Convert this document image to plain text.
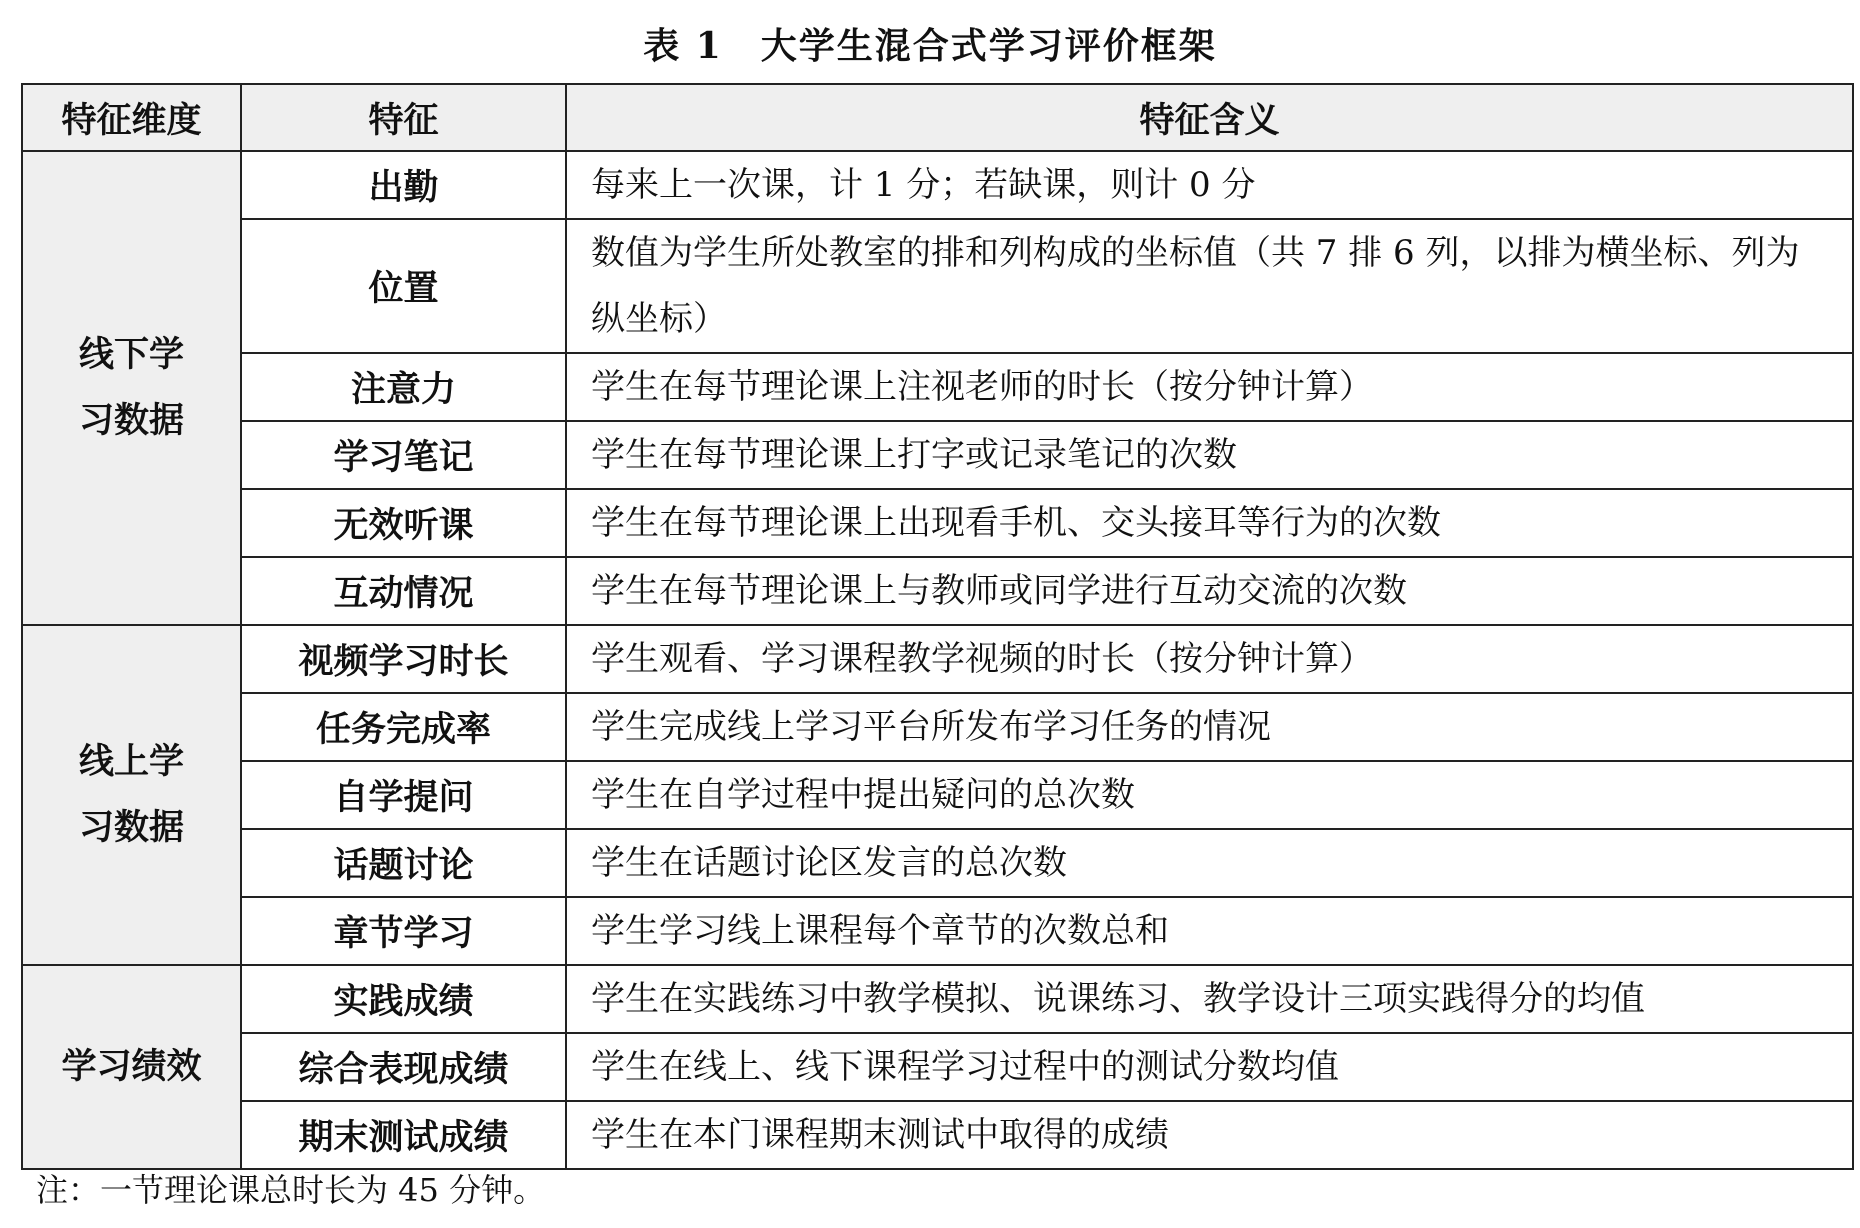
表 1　大学生混合式学习评价框架
特征维度	特征	特征含义
线下学习数据	出勤	每来上一次课，计 1 分；若缺课，则计 0 分
	位置	数值为学生所处教室的排和列构成的坐标值（共 7 排 6 列，以排为横坐标、列为纵坐标）
	注意力	学生在每节理论课上注视老师的时长（按分钟计算）
	学习笔记	学生在每节理论课上打字或记录笔记的次数
	无效听课	学生在每节理论课上出现看手机、交头接耳等行为的次数
	互动情况	学生在每节理论课上与教师或同学进行互动交流的次数
线上学习数据	视频学习时长	学生观看、学习课程教学视频的时长（按分钟计算）
	任务完成率	学生完成线上学习平台所发布学习任务的情况
	自学提问	学生在自学过程中提出疑问的总次数
	话题讨论	学生在话题讨论区发言的总次数
	章节学习	学生学习线上课程每个章节的次数总和
学习绩效	实践成绩	学生在实践练习中教学模拟、说课练习、教学设计三项实践得分的均值
	综合表现成绩	学生在线上、线下课程学习过程中的测试分数均值
	期末测试成绩	学生在本门课程期末测试中取得的成绩
注：一节理论课总时长为 45 分钟。
